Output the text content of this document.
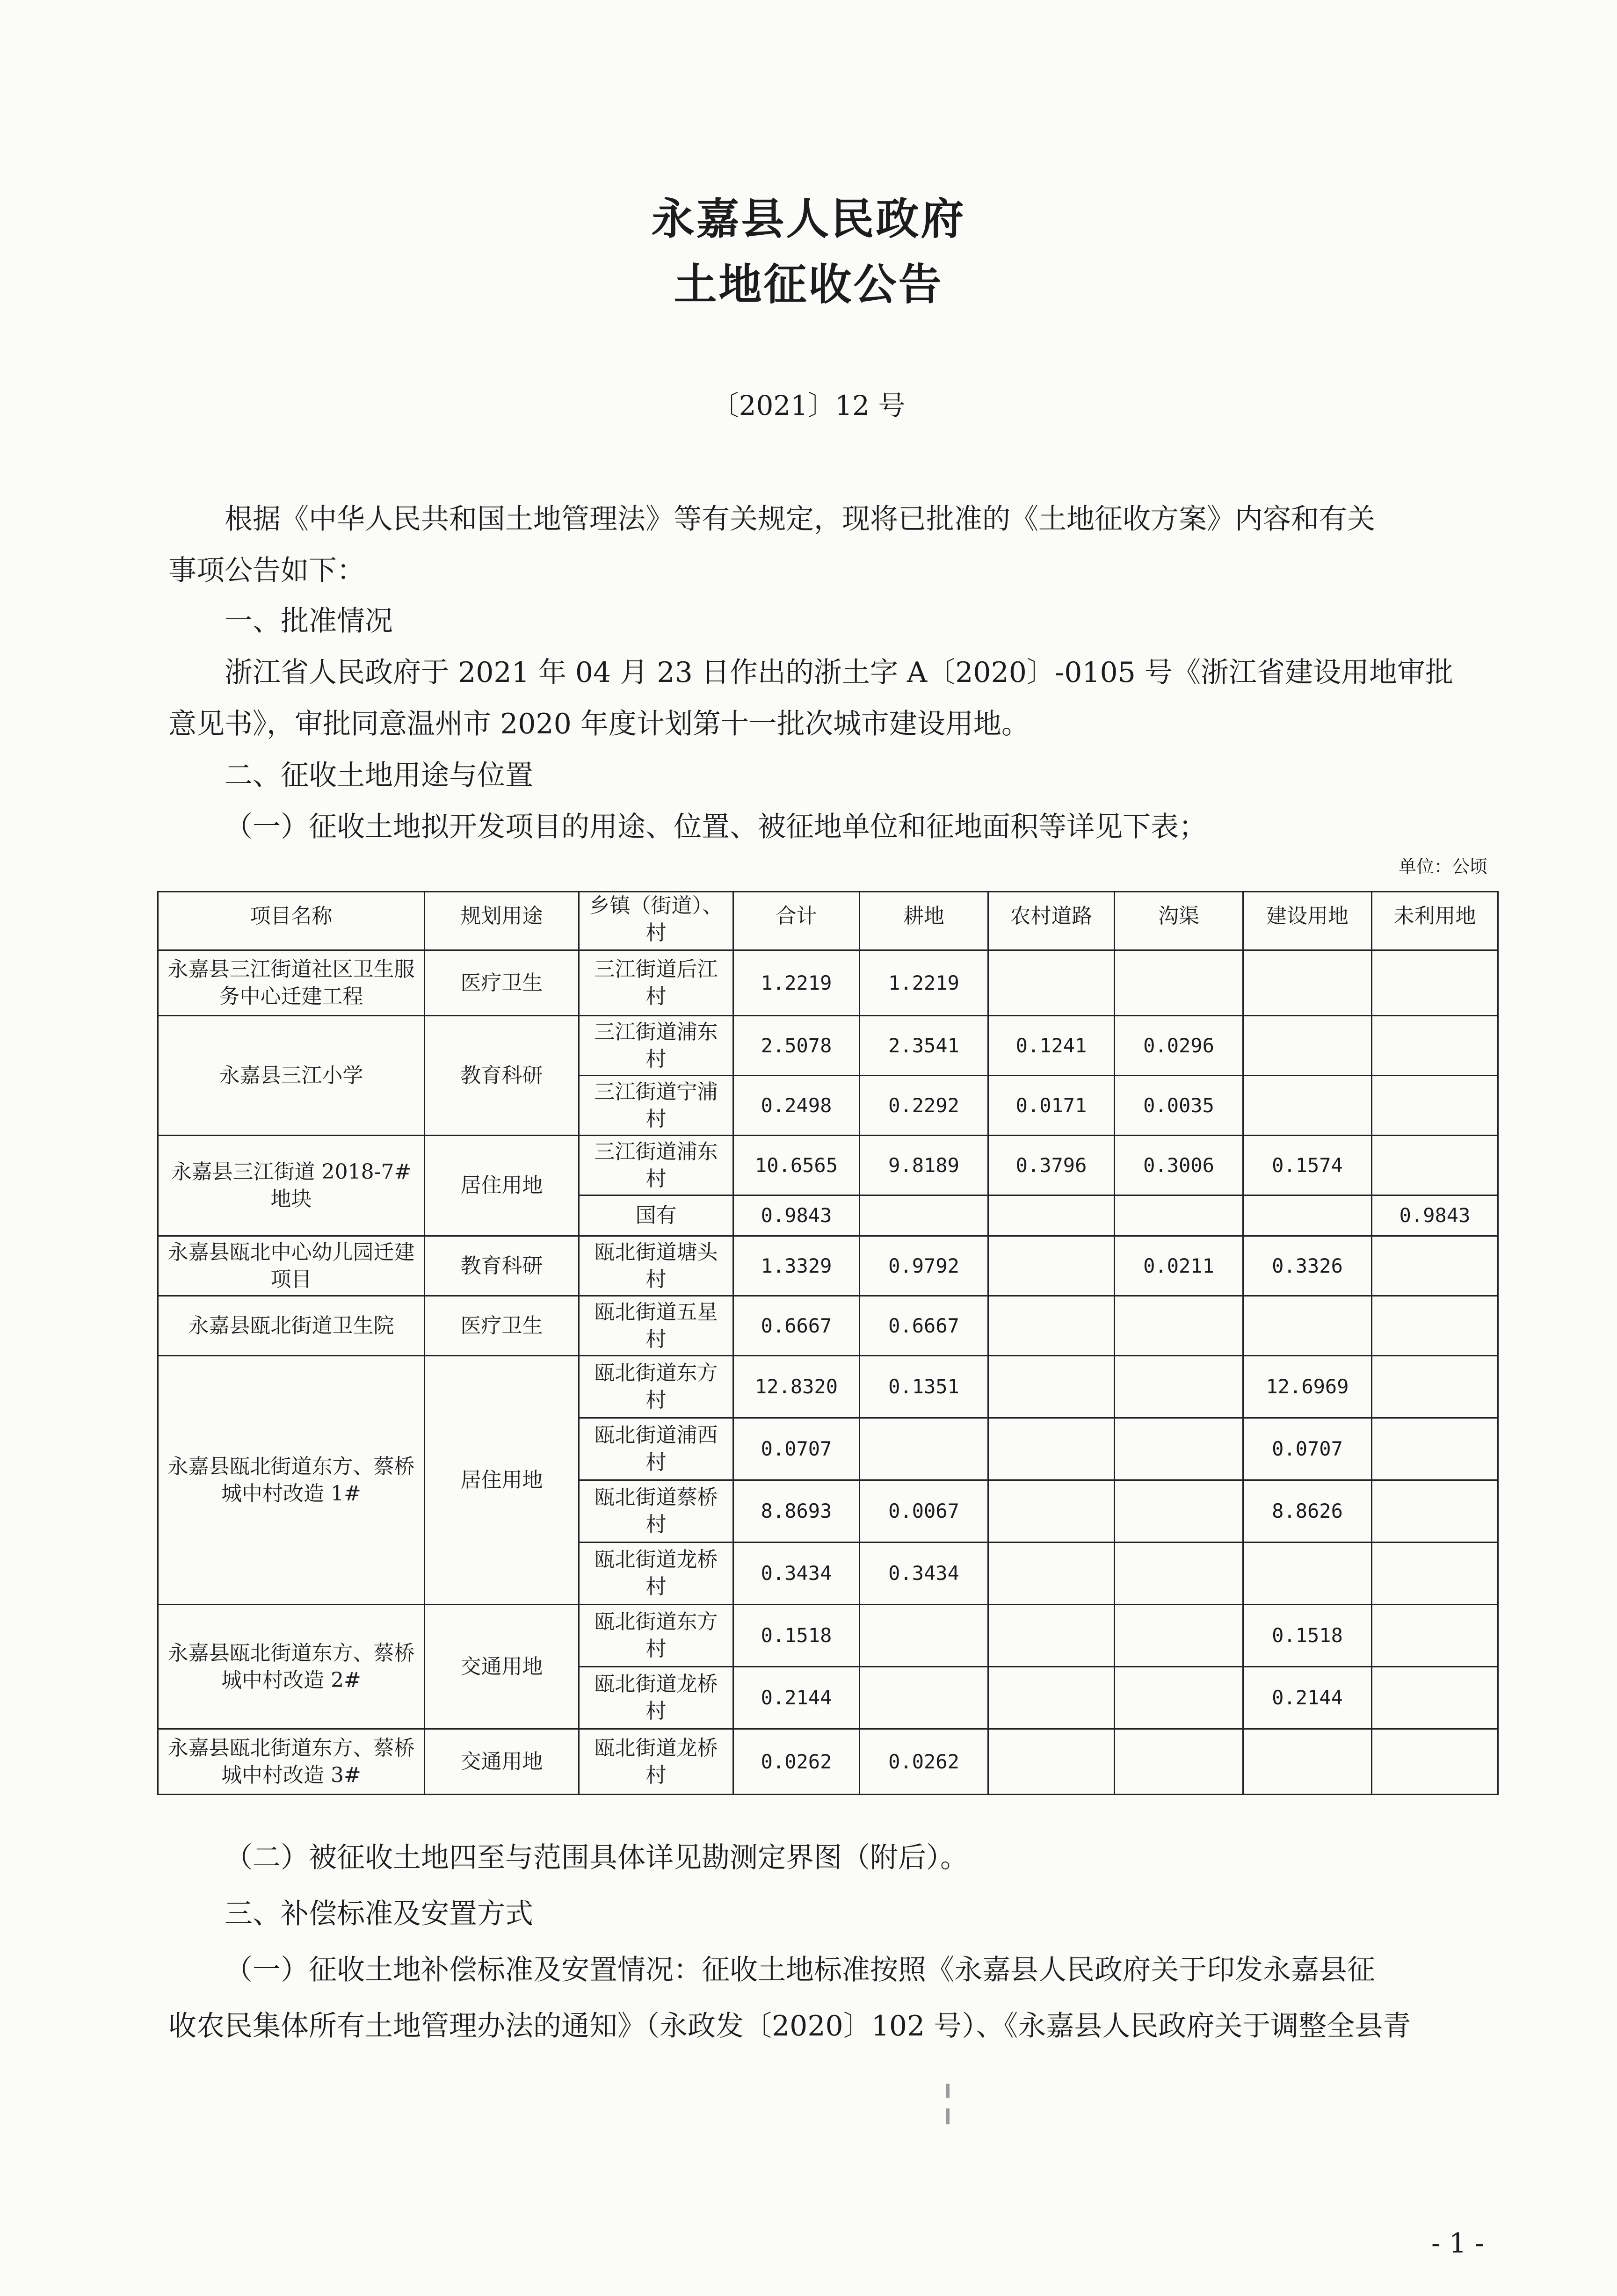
永嘉县人民政府
土地征收公告
〔2021〕12 号
根据《中华人民共和国土地管理法》等有关规定，现将已批准的《土地征收方案》内容和有关
事项公告如下：
一、批准情况
浙江省人民政府于 2021 年 04 月 23 日作出的浙土字 A〔2020〕-0105 号《浙江省建设用地审批
意见书》，审批同意温州市 2020 年度计划第十一批次城市建设用地。
二、征收土地用途与位置
（一）征收土地拟开发项目的用途、位置、被征地单位和征地面积等详见下表；
单位：公顷
项目名称	规划用途	乡镇（街道）、村	合计	耕地	农村道路	沟渠	建设用地	未利用地
永嘉县三江街道社区卫生服务中心迁建工程	医疗卫生	三江街道后江村	1.2219	1.2219				
永嘉县三江小学	教育科研	三江街道浦东村	2.5078	2.3541	0.1241	0.0296		
		三江街道宁浦村	0.2498	0.2292	0.0171	0.0035		
永嘉县三江街道 2018-7#地块	居住用地	三江街道浦东村	10.6565	9.8189	0.3796	0.3006	0.1574	
		国有	0.9843					0.9843
永嘉县瓯北中心幼儿园迁建项目	教育科研	瓯北街道塘头村	1.3329	0.9792		0.0211	0.3326	
永嘉县瓯北街道卫生院	医疗卫生	瓯北街道五星村	0.6667	0.6667				
永嘉县瓯北街道东方、蔡桥城中村改造 1#	居住用地	瓯北街道东方村	12.8320	0.1351			12.6969	
		瓯北街道浦西村	0.0707				0.0707	
		瓯北街道蔡桥村	8.8693	0.0067			8.8626	
		瓯北街道龙桥村	0.3434	0.3434				
永嘉县瓯北街道东方、蔡桥城中村改造 2#	交通用地	瓯北街道东方村	0.1518				0.1518	
		瓯北街道龙桥村	0.2144				0.2144	
永嘉县瓯北街道东方、蔡桥城中村改造 3#	交通用地	瓯北街道龙桥村	0.0262	0.0262				
（二）被征收土地四至与范围具体详见勘测定界图（附后）。
三、补偿标准及安置方式
（一）征收土地补偿标准及安置情况：征收土地标准按照《永嘉县人民政府关于印发永嘉县征
收农民集体所有土地管理办法的通知》（永政发〔2020〕102 号）、《永嘉县人民政府关于调整全县青
- 1 -
